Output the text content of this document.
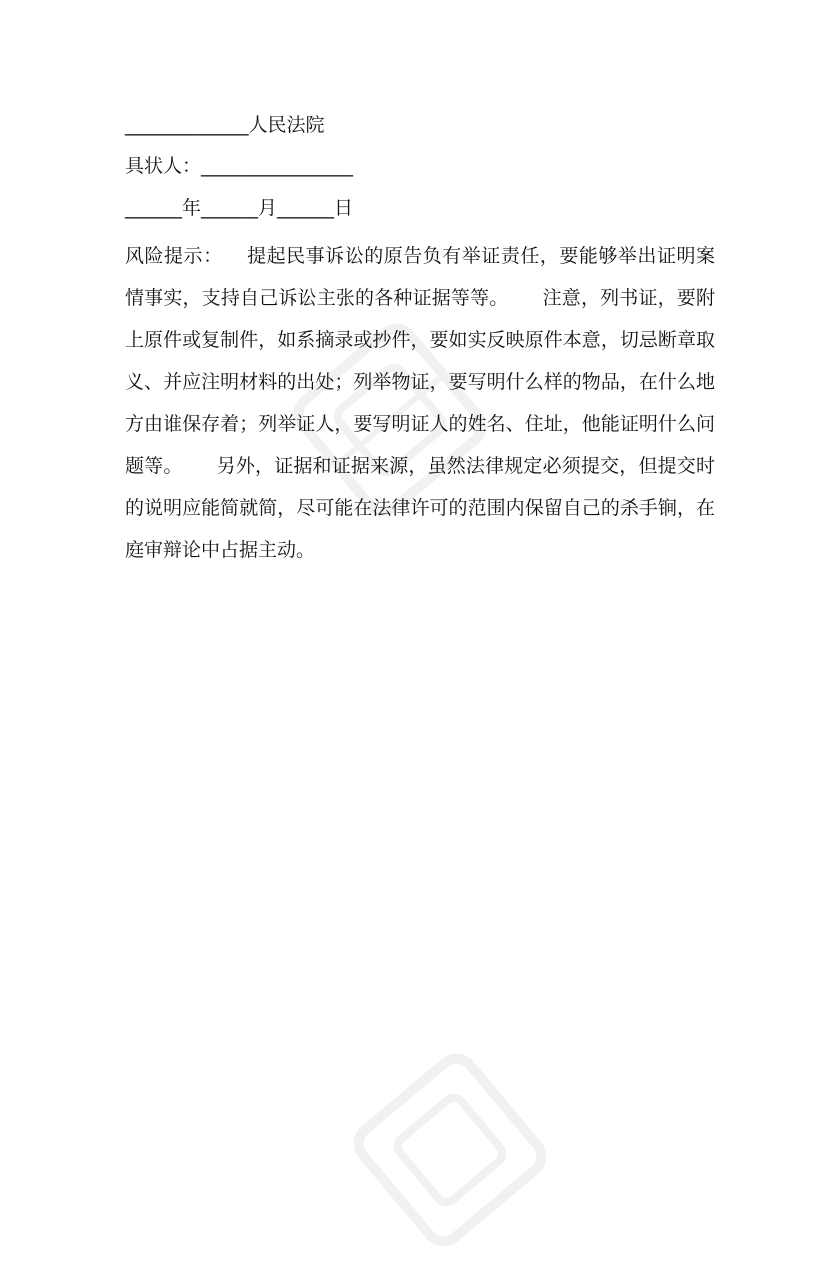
_____________人民法院
具状人：________________
______年______月______日

风险提示： 提起民事诉讼的原告负有举证责任，要能够举出证明案情事实，支持自己诉讼主张的各种证据等等。 注意，列书证，要附上原件或复制件，如系摘录或抄件，要如实反映原件本意，切忌断章取义、并应注明材料的出处；列举物证，要写明什么样的物品，在什么地方由谁保存着；列举证人，要写明证人的姓名、住址，他能证明什么问题等。 另外，证据和证据来源，虽然法律规定必须提交，但提交时的说明应能简就简，尽可能在法律许可的范围内保留自己的杀手锏，在庭审辩论中占据主动。
